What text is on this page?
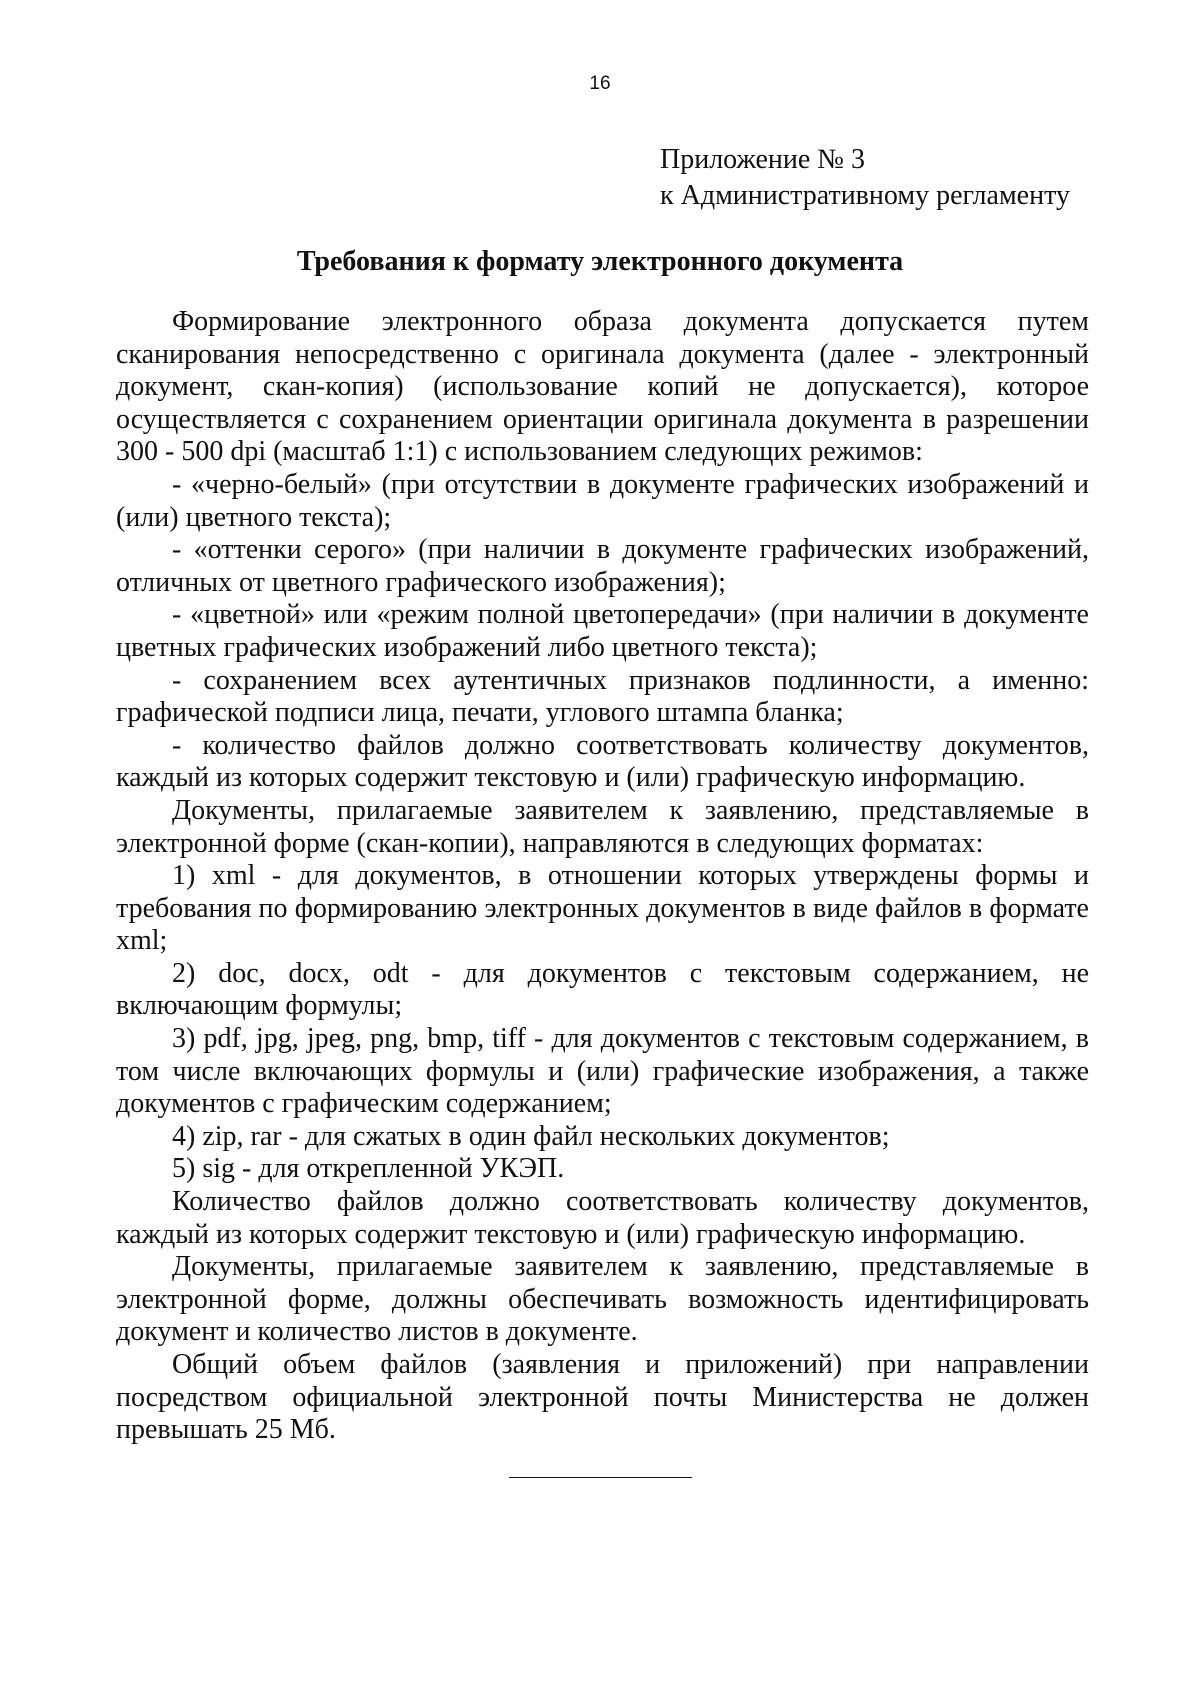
16
Приложение № 3
к Административному регламенту
Требования к формату электронного документа

Формирование электронного образа документа допускается путем сканирования непосредственно с оригинала документа (далее - электронный документ, скан-копия) (использование копий не допускается), которое осуществляется с сохранением ориентации оригинала документа в разрешении 300 - 500 dpi (масштаб 1:1) с использованием следующих режимов:

- «черно-белый» (при отсутствии в документе графических изображений и (или) цветного текста);

- «оттенки серого» (при наличии в документе графических изображений, отличных от цветного графического изображения);

- «цветной» или «режим полной цветопередачи» (при наличии в документе цветных графических изображений либо цветного текста);

- сохранением всех аутентичных признаков подлинности, а именно: графической подписи лица, печати, углового штампа бланка;

- количество файлов должно соответствовать количеству документов, каждый из которых содержит текстовую и (или) графическую информацию.

Документы, прилагаемые заявителем к заявлению, представляемые в электронной форме (скан-копии), направляются в следующих форматах:

1) xml - для документов, в отношении которых утверждены формы и требования по формированию электронных документов в виде файлов в формате xml;

2) doc, docx, odt - для документов с текстовым содержанием, не включающим формулы;

3) pdf, jpg, jpeg, png, bmp, tiff - для документов с текстовым содержанием, в том числе включающих формулы и (или) графические изображения, а также документов с графическим содержанием;

4) zip, rar - для сжатых в один файл нескольких документов;

5) sig - для открепленной УКЭП.

Количество файлов должно соответствовать количеству документов, каждый из которых содержит текстовую и (или) графическую информацию.

Документы, прилагаемые заявителем к заявлению, представляемые в электронной форме, должны обеспечивать возможность идентифицировать документ и количество листов в документе.

Общий объем файлов (заявления и приложений) при направлении посредством официальной электронной почты Министерства не должен превышать 25 Мб.
